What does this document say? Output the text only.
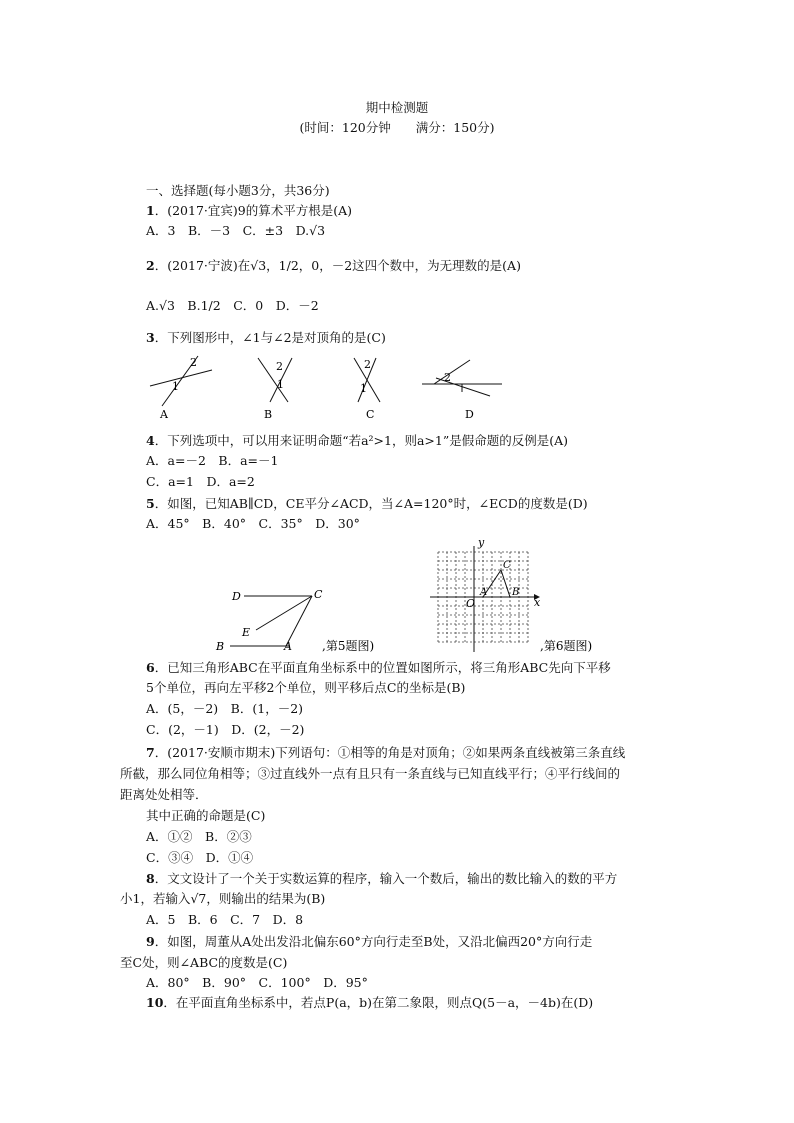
期中检测题
(时间：120分钟　　满分：150分)
一、选择题(每小题3分，共36分)
1．(2017·宜宾)9的算术平方根是(A)
A．3　B．－3　C．±3　D.√3
2．(2017·宁波)在√3，1/2，0，－2这四个数中，为无理数的是(A)
A.√3　B.1/2　C．0　D．－2
3．下列图形中，∠1与∠2是对顶角的是(C)
2
1
A
2
1
B
2
1
C
2
D
4．下列选项中，可以用来证明命题“若a²>1，则a>1”是假命题的反例是(A)
A．a=－2　B．a=－1
C．a=1　D．a=2
5．如图，已知AB∥CD，CE平分∠ACD，当∠A=120°时，∠ECD的度数是(D)
A．45°　B．40°　C．35°　D．30°
D	C
E
B	A	,第5题图)
y
x
O
A B
C
,第6题图)
6．已知三角形ABC在平面直角坐标系中的位置如图所示，将三角形ABC先向下平移
5个单位，再向左平移2个单位，则平移后点C的坐标是(B)
A．(5，－2)　B．(1，－2)
C．(2，－1)　D．(2，－2)
7．(2017·安顺市期末)下列语句：①相等的角是对顶角；②如果两条直线被第三条直线
所截，那么同位角相等；③过直线外一点有且只有一条直线与已知直线平行；④平行线间的
距离处处相等．
其中正确的命题是(C)
A．①②　B．②③
C．③④　D．①④
8．文文设计了一个关于实数运算的程序，输入一个数后，输出的数比输入的数的平方
小1，若输入√7，则输出的结果为(B)
A．5　B．6　C．7　D．8
9．如图，周董从A处出发沿北偏东60°方向行走至B处，又沿北偏西20°方向行走
至C处，则∠ABC的度数是(C)
A．80°　B．90°　C．100°　D．95°
10．在平面直角坐标系中，若点P(a，b)在第二象限，则点Q(5－a，－4b)在(D)
